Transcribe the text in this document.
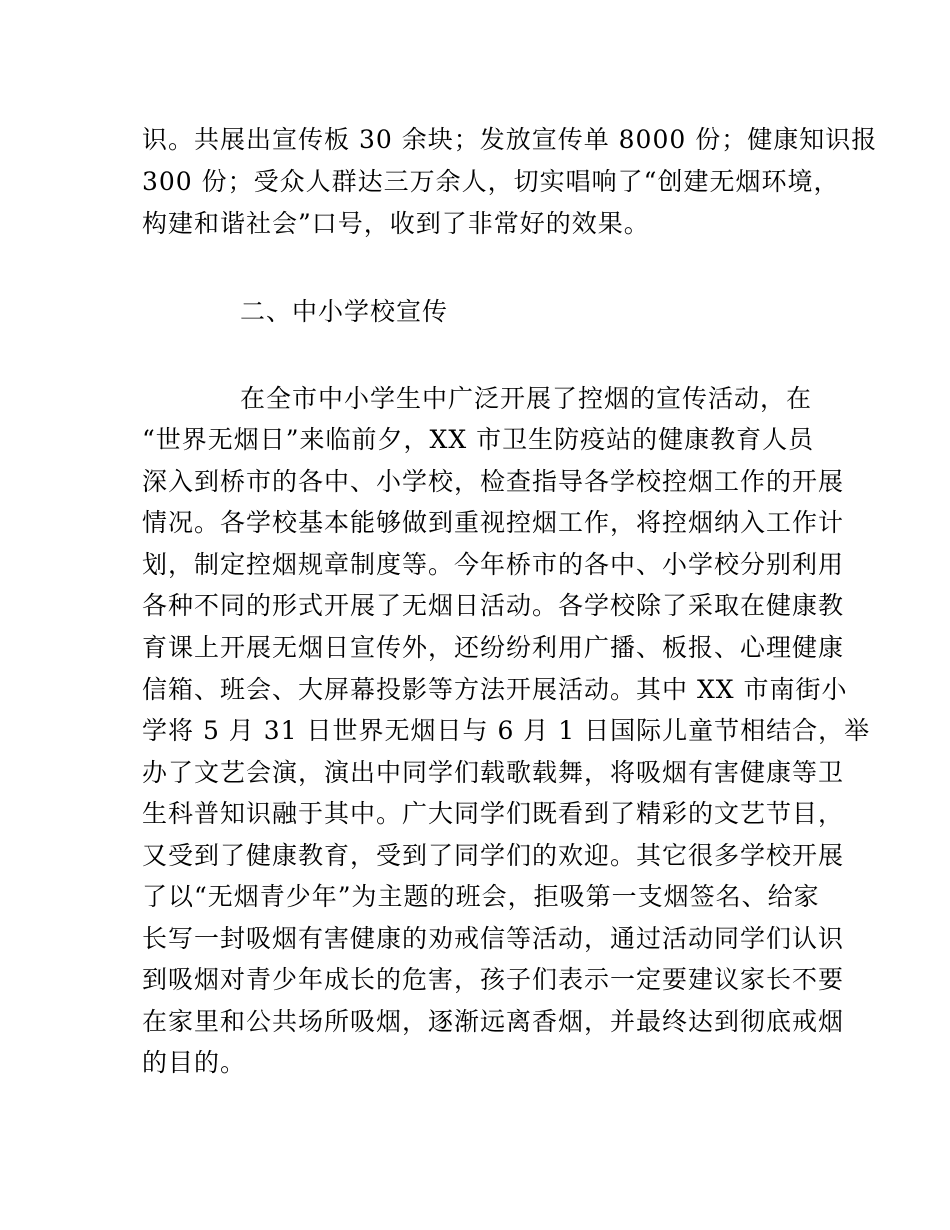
识。共展出宣传板 30 余块；发放宣传单 8000 份；健康知识报
300 份；受众人群达三万余人，切实唱响了“创建无烟环境，
构建和谐社会”口号，收到了非常好的效果。
二、中小学校宣传
在全市中小学生中广泛开展了控烟的宣传活动，在
“世界无烟日”来临前夕，XX 市卫生防疫站的健康教育人员
深入到桥市的各中、小学校，检查指导各学校控烟工作的开展
情况。各学校基本能够做到重视控烟工作，将控烟纳入工作计
划，制定控烟规章制度等。今年桥市的各中、小学校分别利用
各种不同的形式开展了无烟日活动。各学校除了采取在健康教
育课上开展无烟日宣传外，还纷纷利用广播、板报、心理健康
信箱、班会、大屏幕投影等方法开展活动。其中 XX 市南街小
学将 5 月 31 日世界无烟日与 6 月 1 日国际儿童节相结合，举
办了文艺会演，演出中同学们载歌载舞，将吸烟有害健康等卫
生科普知识融于其中。广大同学们既看到了精彩的文艺节目，
又受到了健康教育，受到了同学们的欢迎。其它很多学校开展
了以“无烟青少年”为主题的班会，拒吸第一支烟签名、给家
长写一封吸烟有害健康的劝戒信等活动，通过活动同学们认识
到吸烟对青少年成长的危害，孩子们表示一定要建议家长不要
在家里和公共场所吸烟，逐渐远离香烟，并最终达到彻底戒烟
的目的。
